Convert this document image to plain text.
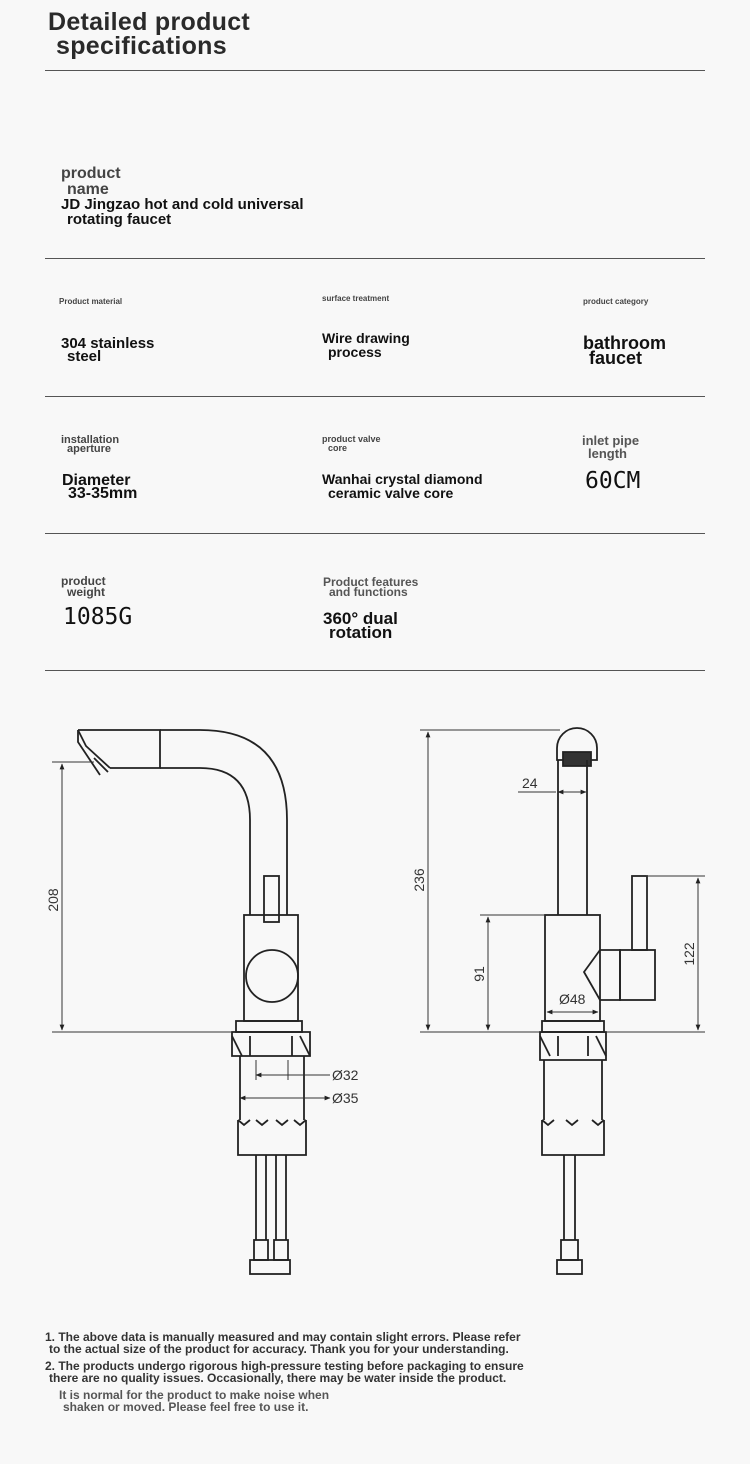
Detailed product
specifications
product
name
JD Jingzao hot and cold universal
rotating faucet
Product material
304 stainless
steel
surface treatment
Wire drawing
process
product category
bathroom
faucet
installation
aperture
Diameter
33-35mm
product valve
core
Wanhai crystal diamond
ceramic valve core
inlet pipe
length
60CM
product
weight
1085G
Product features
and functions
360° dual
rotation
208
Ø32
Ø35
236
24
91
122
Ø48

1. The above data is manually measured and may contain slight errors. Please refer
to the actual size of the product for accuracy. Thank you for your understanding.

2. The products undergo rigorous high-pressure testing before packaging to ensure
there are no quality issues. Occasionally, there may be water inside the product.

It is normal for the product to make noise when
shaken or moved. Please feel free to use it.
